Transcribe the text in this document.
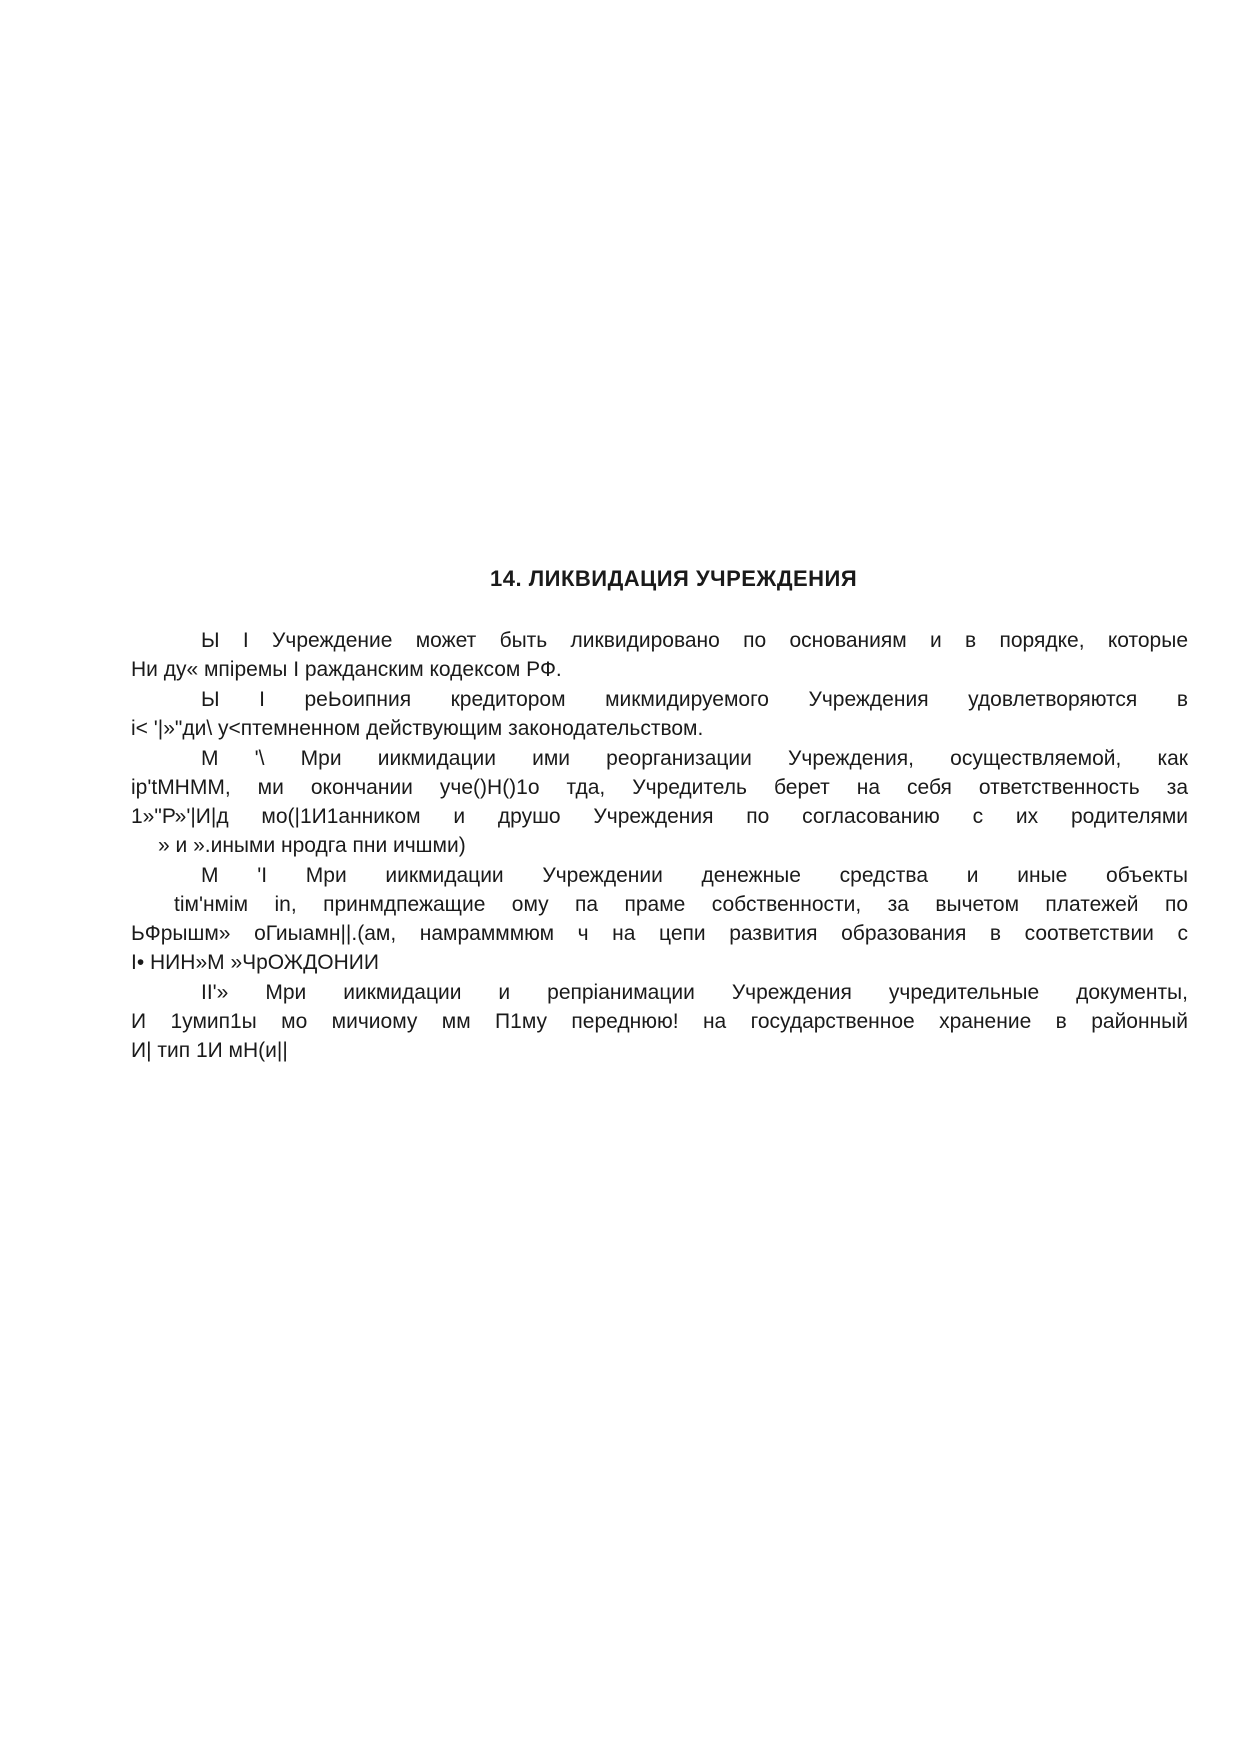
14. ЛИКВИДАЦИЯ УЧРЕЖДЕНИЯ
Ы I Учреждение может быть ликвидировано по основаниям и в порядке, которые
Ни ду« мпіремы I ражданским кодексом РФ.
Ы I реЬоипния кредитором микмидируемого Учреждения удовлетворяются в
i< '|»"ди\ у<птемненном действующим законодательством.
М '\ Мри иикмидации ими реорганизации Учреждения, осуществляемой, как
ip'tMHMM, ми окончании уче()Н()1о тда, Учредитель берет на себя ответственность за
1»"Р»'|И|д мо(|1И1анником и друшо Учреждения по согласованию с их родителями
» и ».иными нродга пни ичшми)
М 'I Мри иикмидации Учреждении денежные средства и иные объекты
tiм'нмiм in, принмдпежащие ому па праме собственности, за вычетом платежей по
ЬФрышм» оГиыамн||.(ам, намрамммюм ч на цепи развития образования в соответствии с
I• НИН»М »ЧрОЖДОНИИ
II'» Мри иикмидации и репрiанимации Учреждения учредительные документы,
И 1умип1ы мо мичиому мм П1му переднюю! на государственное хранение в районный
И| тип 1И мН(и||
